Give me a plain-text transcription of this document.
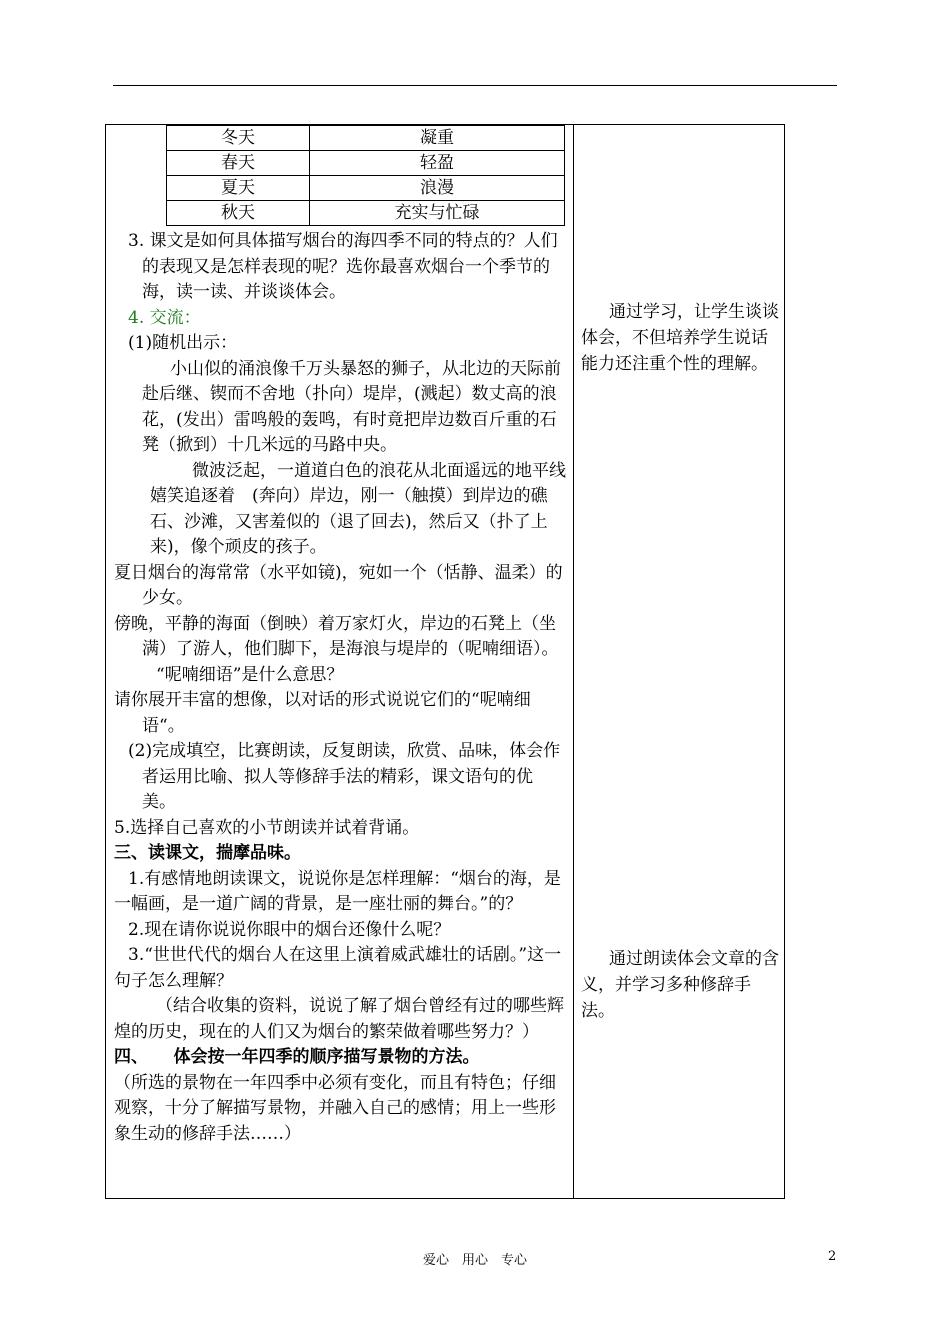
冬天	凝重
春天	轻盈
夏天	浪漫
秋天	充实与忙碌

3. 课文是如何具体描写烟台的海四季不同的特点的？人们的表现又是怎样表现的呢？选你最喜欢烟台一个季节的海，读一读、并谈谈体会。

4. 交流：

(1)随机出示：

小山似的涌浪像千万头暴怒的狮子，从北边的天际前赴后继、锲而不舍地（扑向）堤岸，(溅起）数丈高的浪花，(发出）雷鸣般的轰鸣，有时竟把岸边数百斤重的石凳（掀到）十几米远的马路中央。

微波泛起，一道道白色的浪花从北面遥远的地平线嬉笑追逐着　(奔向）岸边，刚一（触摸）到岸边的礁石、沙滩，又害羞似的（退了回去)，然后又（扑了上来)，像个顽皮的孩子。

夏日烟台的海常常（水平如镜)，宛如一个（恬静、温柔）的少女。

傍晚，平静的海面（倒映）着万家灯火，岸边的石凳上（坐满）了游人，他们脚下，是海浪与堤岸的（呢喃细语）。

“呢喃细语”是什么意思？

请你展开丰富的想像，以对话的形式说说它们的“呢喃细语“。

(2)完成填空，比赛朗读，反复朗读，欣赏、品味，体会作者运用比喻、拟人等修辞手法的精彩，课文语句的优美。

5.选择自己喜欢的小节朗读并试着背诵。

三、读课文，揣摩品味。

1.有感情地朗读课文，说说你是怎样理解：“烟台的海，是一幅画，是一道广阔的背景，是一座壮丽的舞台。”的？

2.现在请你说说你眼中的烟台还像什么呢？

3.“世世代代的烟台人在这里上演着威武雄壮的话剧。”这一句子怎么理解？

（结合收集的资料，说说了解了烟台曾经有过的哪些辉煌的历史，现在的人们又为烟台的繁荣做着哪些努力？）

四、　　体会按一年四季的顺序描写景物的方法。

（所选的景物在一年四季中必须有变化，而且有特色；仔细观察，十分了解描写景物，并融入自己的感情；用上一些形象生动的修辞手法……）

通过学习，让学生谈谈体会，不但培养学生说话能力还注重个性的理解。

通过朗读体会文章的含义，并学习多种修辞手法。

爱心　用心　专心	2
